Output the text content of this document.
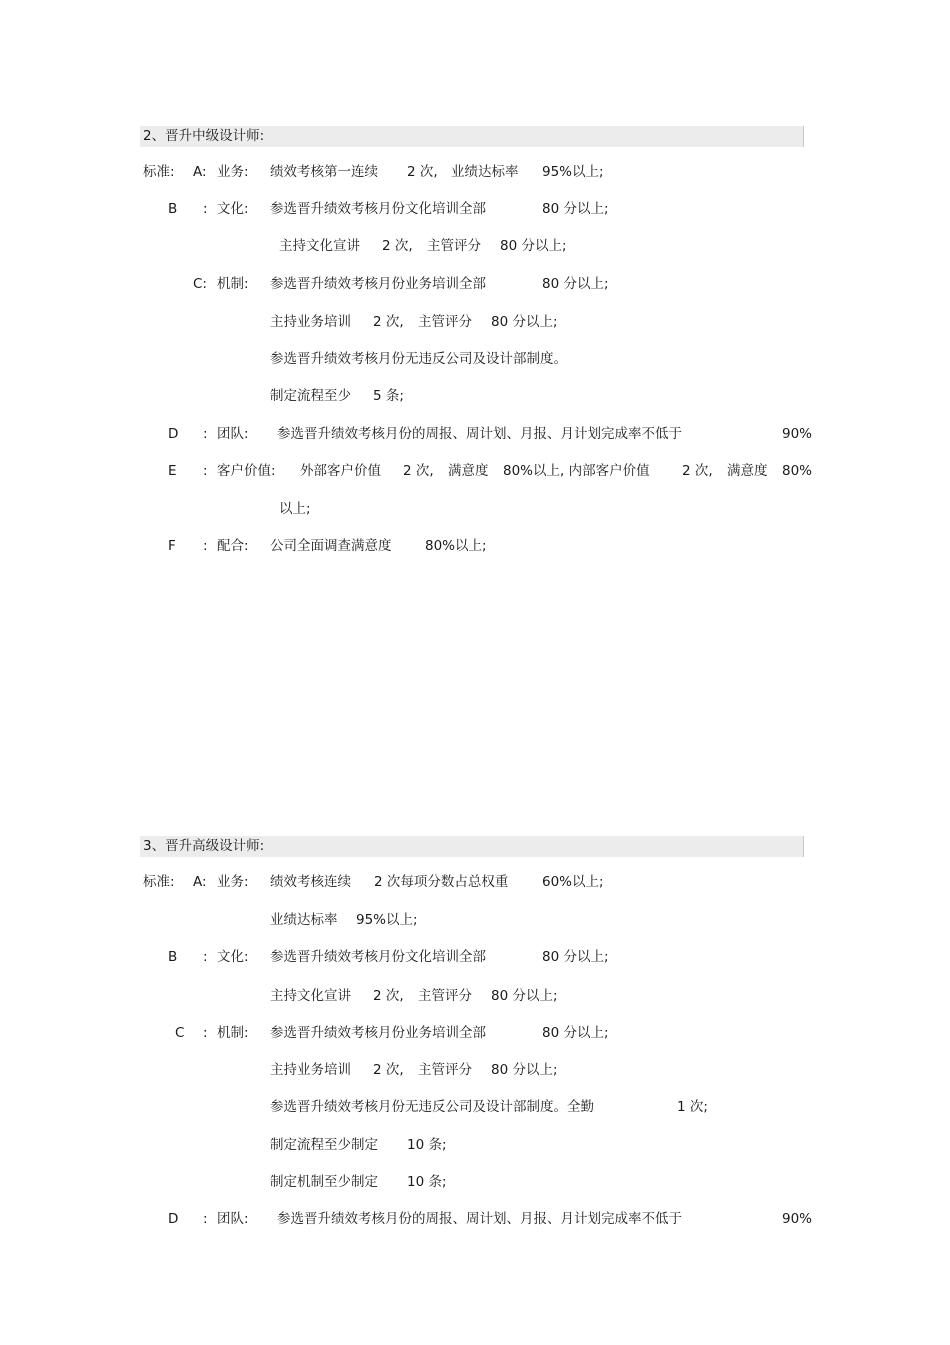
2、晋升中级设计师:
标准: A: 业务: 绩效考核第一连续 2 次, 业绩达标率 95%以上;
B : 文化: 参选晋升绩效考核月份文化培训全部	80 分以上;
主持文化宣讲 2 次, 主管评分 80 分以上;
C: 机制: 参选晋升绩效考核月份业务培训全部	80 分以上;
主持业务培训 2 次, 主管评分 80 分以上;
参选晋升绩效考核月份无违反公司及设计部制度。
制定流程至少 5 条;
D : 团队: 参选晋升绩效考核月份的周报、周计划、月报、月计划完成率不低于	90%
E : 客户价值: 外部客户价值 2 次, 满意度 80%以上, 内部客户价值 2 次, 满意度 80%
以上;
F : 配合: 公司全面调查满意度 80%以上;
3、晋升高级设计师:
标准: A: 业务: 绩效考核连续 2 次每项分数占总权重 60%以上;
业绩达标率 95%以上;
B : 文化: 参选晋升绩效考核月份文化培训全部	80 分以上;
主持文化宣讲 2 次, 主管评分 80 分以上;
C : 机制: 参选晋升绩效考核月份业务培训全部	80 分以上;
主持业务培训 2 次, 主管评分 80 分以上;
参选晋升绩效考核月份无违反公司及设计部制度。全勤	1 次;
制定流程至少制定 10 条;
制定机制至少制定 10 条;
D : 团队: 参选晋升绩效考核月份的周报、周计划、月报、月计划完成率不低于	90%
